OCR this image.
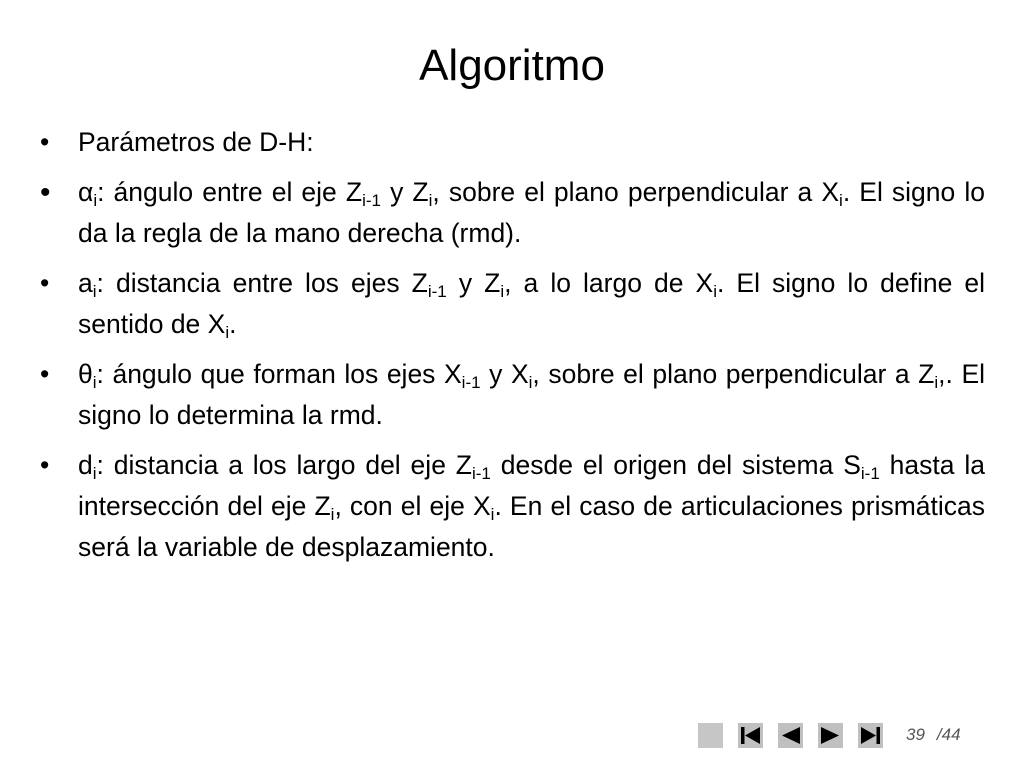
Algoritmo
•	Parámetros de D-H:
•	$\alpha_i$: ángulo entre el eje $Z_{i-1}$ y $Z_i$, sobre el plano perpendicular a $X_i$. El signo lo da la regla de la mano derecha (rmd).
•	$a_i$: distancia entre los ejes $Z_{i-1}$ y $Z_i$, a lo largo de $X_i$. El signo lo define el sentido de $X_i$.
•	$\theta_i$: ángulo que forman los ejes $X_{i-1}$ y $X_i$, sobre el plano perpendicular a $Z_i$,. El signo lo determina la rmd.
•	$d_i$: distancia a los largo del eje $Z_{i-1}$ desde el origen del sistema $S_{i-1}$ hasta la intersección del eje $Z_i$, con el eje $X_i$. En el caso de articulaciones prismáticas será la variable de desplazamiento.
39 /44
